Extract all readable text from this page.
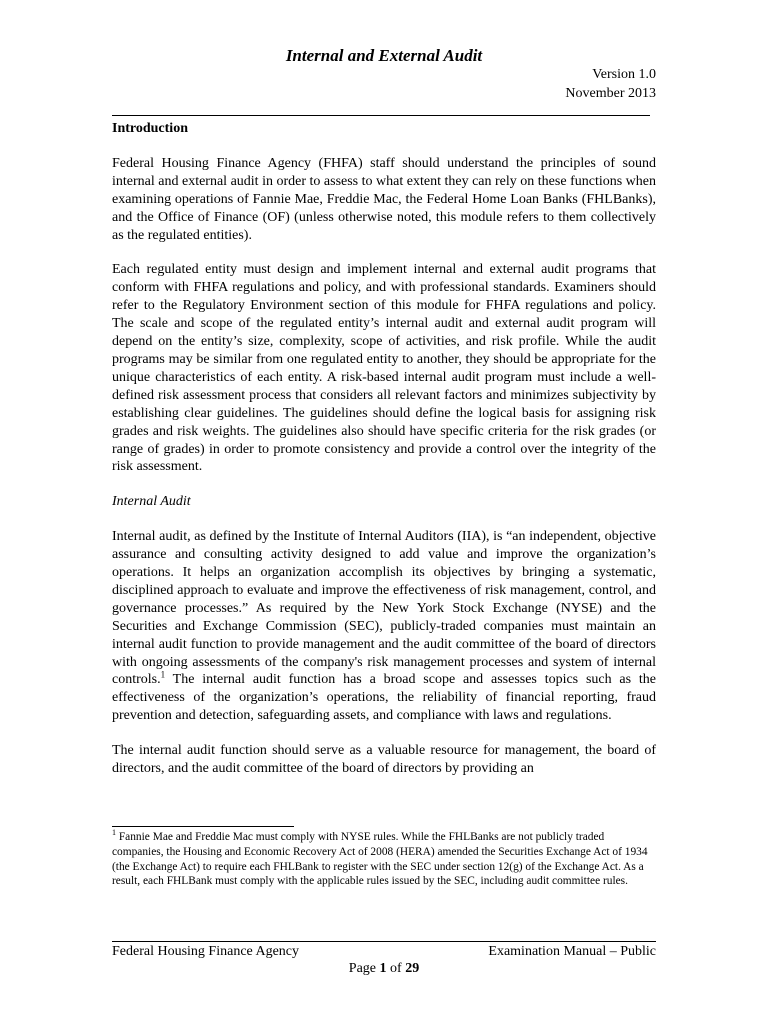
Internal and External Audit
Version 1.0
November 2013
Introduction

Federal Housing Finance Agency (FHFA) staff should understand the principles of sound internal and external audit in order to assess to what extent they can rely on these functions when examining operations of Fannie Mae, Freddie Mac, the Federal Home Loan Banks (FHLBanks), and the Office of Finance (OF) (unless otherwise noted, this module refers to them collectively as the regulated entities).

Each regulated entity must design and implement internal and external audit programs that conform with FHFA regulations and policy, and with professional standards. Examiners should refer to the Regulatory Environment section of this module for FHFA regulations and policy. The scale and scope of the regulated entity’s internal audit and external audit program will depend on the entity’s size, complexity, scope of activities, and risk profile. While the audit programs may be similar from one regulated entity to another, they should be appropriate for the unique characteristics of each entity. A risk-based internal audit program must include a well-defined risk assessment process that considers all relevant factors and minimizes subjectivity by establishing clear guidelines. The guidelines should define the logical basis for assigning risk grades and risk weights. The guidelines also should have specific criteria for the risk grades (or range of grades) in order to promote consistency and provide a control over the integrity of the risk assessment.

Internal Audit

Internal audit, as defined by the Institute of Internal Auditors (IIA), is “an independent, objective assurance and consulting activity designed to add value and improve the organization’s operations. It helps an organization accomplish its objectives by bringing a systematic, disciplined approach to evaluate and improve the effectiveness of risk management, control, and governance processes.” As required by the New York Stock Exchange (NYSE) and the Securities and Exchange Commission (SEC), publicly-traded companies must maintain an internal audit function to provide management and the audit committee of the board of directors with ongoing assessments of the company's risk management processes and system of internal controls.$^1$ The internal audit function has a broad scope and assesses topics such as the effectiveness of the organization’s operations, the reliability of financial reporting, fraud prevention and detection, safeguarding assets, and compliance with laws and regulations.

The internal audit function should serve as a valuable resource for management, the board of directors, and the audit committee of the board of directors by providing an

$^1$ Fannie Mae and Freddie Mac must comply with NYSE rules. While the FHLBanks are not publicly traded companies, the Housing and Economic Recovery Act of 2008 (HERA) amended the Securities Exchange Act of 1934 (the Exchange Act) to require each FHLBank to register with the SEC under section 12(g) of the Exchange Act. As a result, each FHLBank must comply with the applicable rules issued by the SEC, including audit committee rules.
Federal Housing Finance Agency	Examination Manual – Public
Page 1 of 29
